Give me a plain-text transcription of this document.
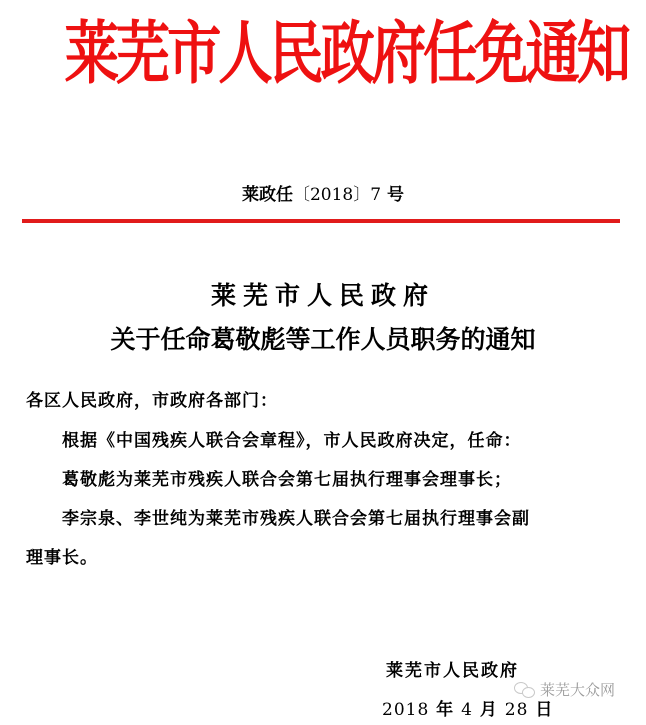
莱芜市人民政府任免通知
莱政任〔2018〕7 号
莱芜市人民政府
关于任命葛敬彪等工作人员职务的通知
各区人民政府，市政府各部门：
根据《中国残疾人联合会章程》，市人民政府决定，任命：
葛敬彪为莱芜市残疾人联合会第七届执行理事会理事长；
李宗泉、李世纯为莱芜市残疾人联合会第七届执行理事会副
理事长。
莱芜市人民政府
2018 年 4 月 28 日
莱芜大众网
